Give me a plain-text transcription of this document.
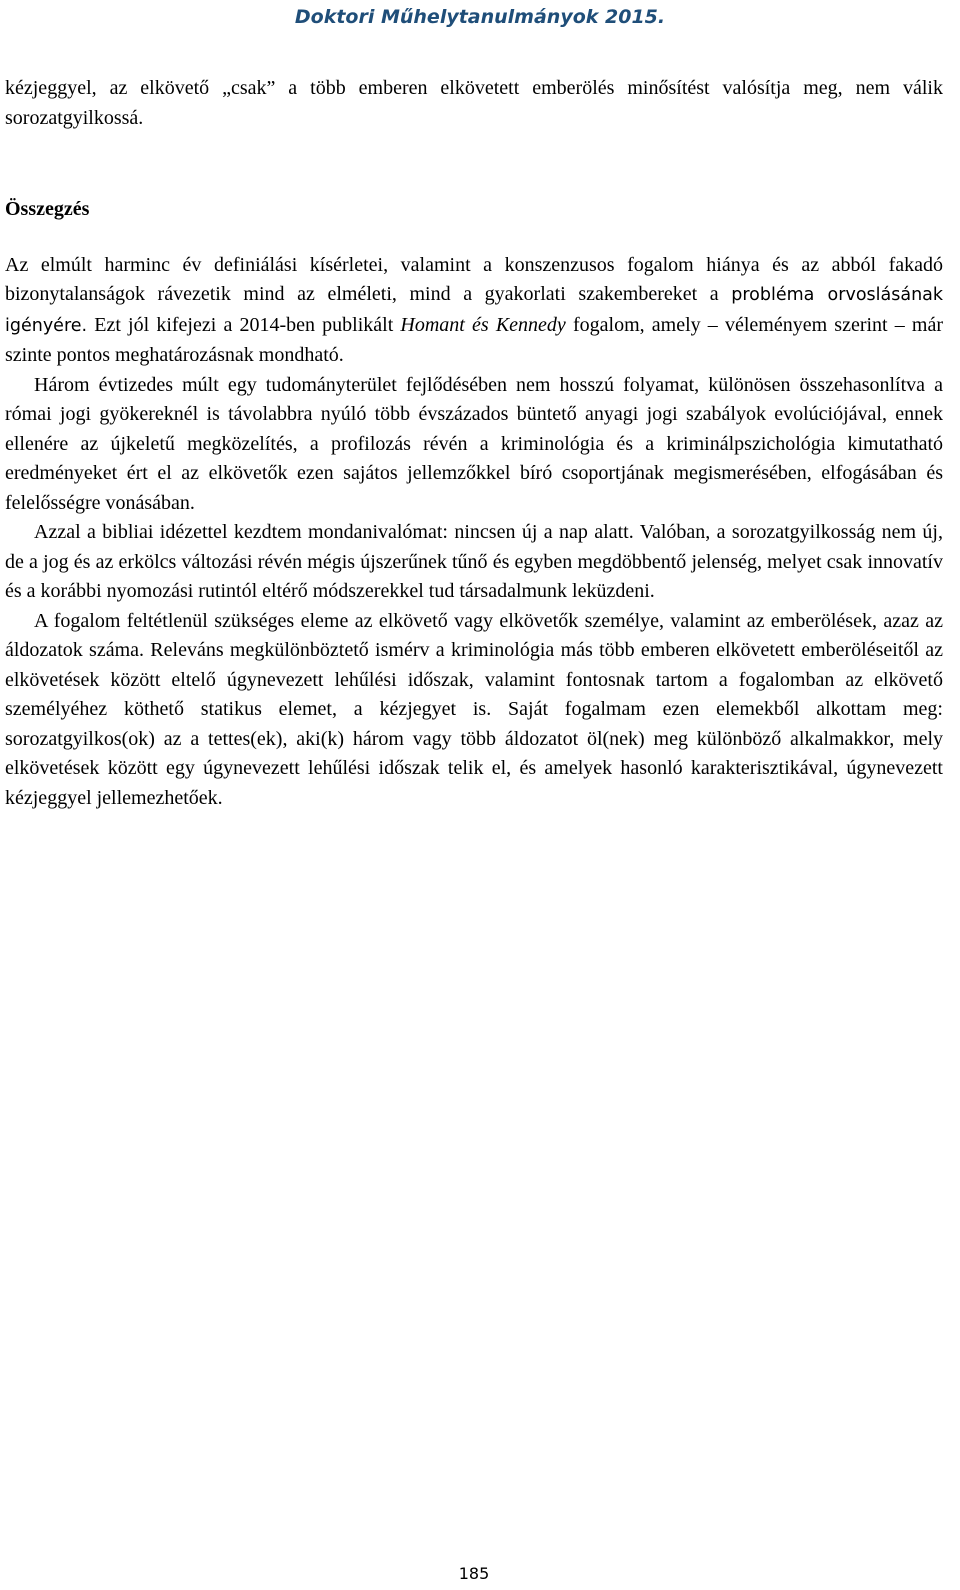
Doktori Műhelytanulmányok 2015.

kézjeggyel, az elkövető „csak” a több emberen elkövetett emberölés minősítést valósítja meg, nem válik sorozatgyilkossá.

Összegzés

Az elmúlt harminc év definiálási kísérletei, valamint a konszenzusos fogalom hiánya és az abból fakadó bizonytalanságok rávezetik mind az elméleti, mind a gyakorlati szakembereket a probléma orvoslásának igényére. Ezt jól kifejezi a 2014-ben publikált Homant és Kennedy fogalom, amely – véleményem szerint – már szinte pontos meghatározásnak mondható.

Három évtizedes múlt egy tudományterület fejlődésében nem hosszú folyamat, különösen összehasonlítva a római jogi gyökereknél is távolabbra nyúló több évszázados büntető anyagi jogi szabályok evolúciójával, ennek ellenére az újkeletű megközelítés, a profilozás révén a kriminológia és a kriminálpszichológia kimutatható eredményeket ért el az elkövetők ezen sajátos jellemzőkkel bíró csoportjának megismerésében, elfogásában és felelősségre vonásában.

Azzal a bibliai idézettel kezdtem mondanivalómat: nincsen új a nap alatt. Valóban, a sorozatgyilkosság nem új, de a jog és az erkölcs változási révén mégis újszerűnek tűnő és egyben megdöbbentő jelenség, melyet csak innovatív és a korábbi nyomozási rutintól eltérő módszerekkel tud társadalmunk leküzdeni.

A fogalom feltétlenül szükséges eleme az elkövető vagy elkövetők személye, valamint az emberölések, azaz az áldozatok száma. Releváns megkülönböztető ismérv a kriminológia más több emberen elkövetett emberöléseitől az elkövetések között eltelő úgynevezett lehűlési időszak, valamint fontosnak tartom a fogalomban az elkövető személyéhez köthető statikus elemet, a kézjegyet is. Saját fogalmam ezen elemekből alkottam meg: sorozatgyilkos(ok) az a tettes(ek), aki(k) három vagy több áldozatot öl(nek) meg különböző alkalmakkor, mely elkövetések között egy úgynevezett lehűlési időszak telik el, és amelyek hasonló karakterisztikával, úgynevezett kézjeggyel jellemezhetőek.

185
